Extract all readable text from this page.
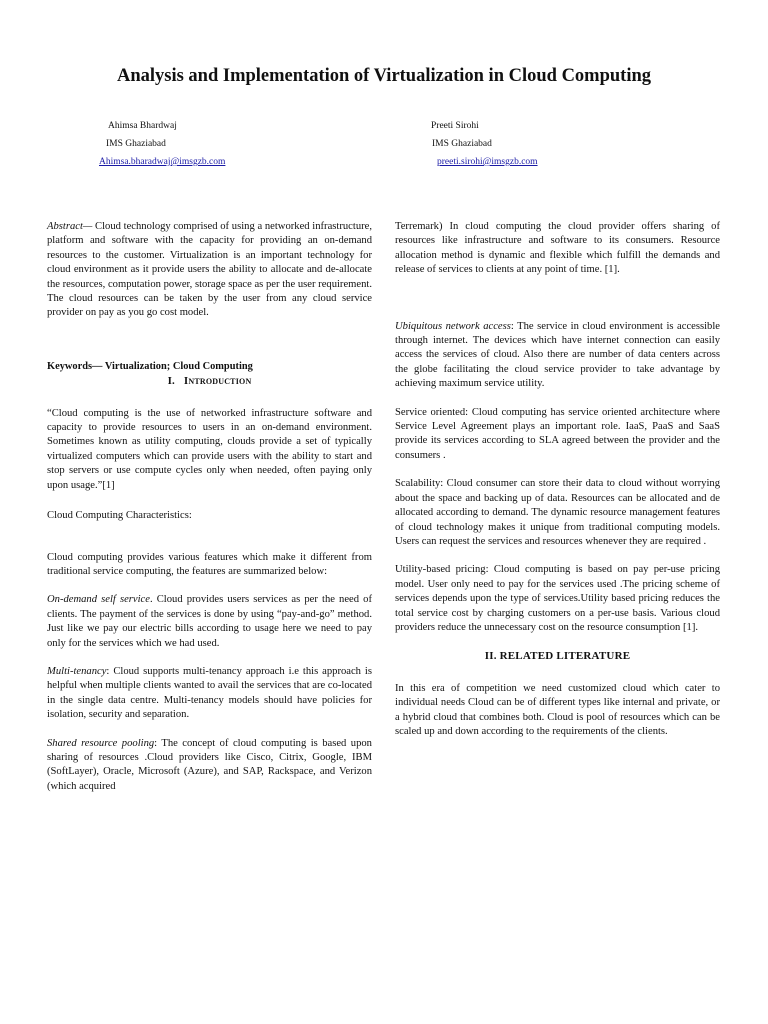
Analysis and Implementation of Virtualization in Cloud Computing
Ahimsa Bhardwaj
IMS Ghaziabad
Ahimsa.bharadwaj@imsgzb.com
Preeti Sirohi
IMS Ghaziabad
preeti.sirohi@imsgzb.com

Abstract— Cloud technology comprised of using a networked infrastructure, platform and software with the capacity for providing an on-demand resources to the customer. Virtualization is an important technology for cloud environment as it provide users the ability to allocate and de-allocate the resources, computation power, storage space as per the user requirement. The cloud resources can be taken by the user from any cloud service provider on pay as you go cost model.

Keywords— Virtualization; Cloud Computing

I. Introduction

“Cloud computing is the use of networked infrastructure software and capacity to provide resources to users in an on-demand environment. Sometimes known as utility computing, clouds provide a set of typically virtualized computers which can provide users with the ability to start and stop servers or use compute cycles only when needed, often paying only upon usage.”[1]

Cloud Computing Characteristics:

Cloud computing provides various features which make it different from traditional service computing, the features are summarized below:

On-demand self service. Cloud provides users services as per the need of clients. The payment of the services is done by using “pay-and-go” method. Just like we pay our electric bills according to usage here we need to pay only for the services which we had used.

Multi-tenancy: Cloud supports multi-tenancy approach i.e this approach is helpful when multiple clients wanted to avail the services that are co-located in the single data centre. Multi-tenancy models should have policies for isolation, security and separation.

Shared resource pooling: The concept of cloud computing is based upon sharing of resources .Cloud providers like Cisco, Citrix, Google, IBM (SoftLayer), Oracle, Microsoft (Azure), and SAP, Rackspace, and Verizon (which acquired

Terremark) In cloud computing the cloud provider offers sharing of resources like infrastructure and software to its consumers. Resource allocation method is dynamic and flexible which fulfill the demands and release of services to clients at any point of time. [1].

Ubiquitous network access: The service in cloud environment is accessible through internet. The devices which have internet connection can easily access the services of cloud. Also there are number of data centers across the globe facilitating the cloud service provider to take advantage by achieving maximum service utility.

Service oriented: Cloud computing has service oriented architecture where Service Level Agreement plays an important role. IaaS, PaaS and SaaS provide its services according to SLA agreed between the provider and the consumers .

Scalability: Cloud consumer can store their data to cloud without worrying about the space and backing up of data. Resources can be allocated and de allocated according to demand. The dynamic resource management features of cloud technology makes it unique from traditional computing models. Users can request the services and resources whenever they are required .

Utility-based pricing: Cloud computing is based on pay per-use pricing model. User only need to pay for the services used .The pricing scheme of services depends upon the type of services.Utility based pricing reduces the total service cost by charging customers on a per-use basis. Various cloud providers reduce the unnecessary cost on the resource consumption [1].

II. RELATED LITERATURE

In this era of competition we need customized cloud which cater to individual needs Cloud can be of different types like internal and private, or a hybrid cloud that combines both. Cloud is pool of resources which can be scaled up and down according to the requirements of the clients.
